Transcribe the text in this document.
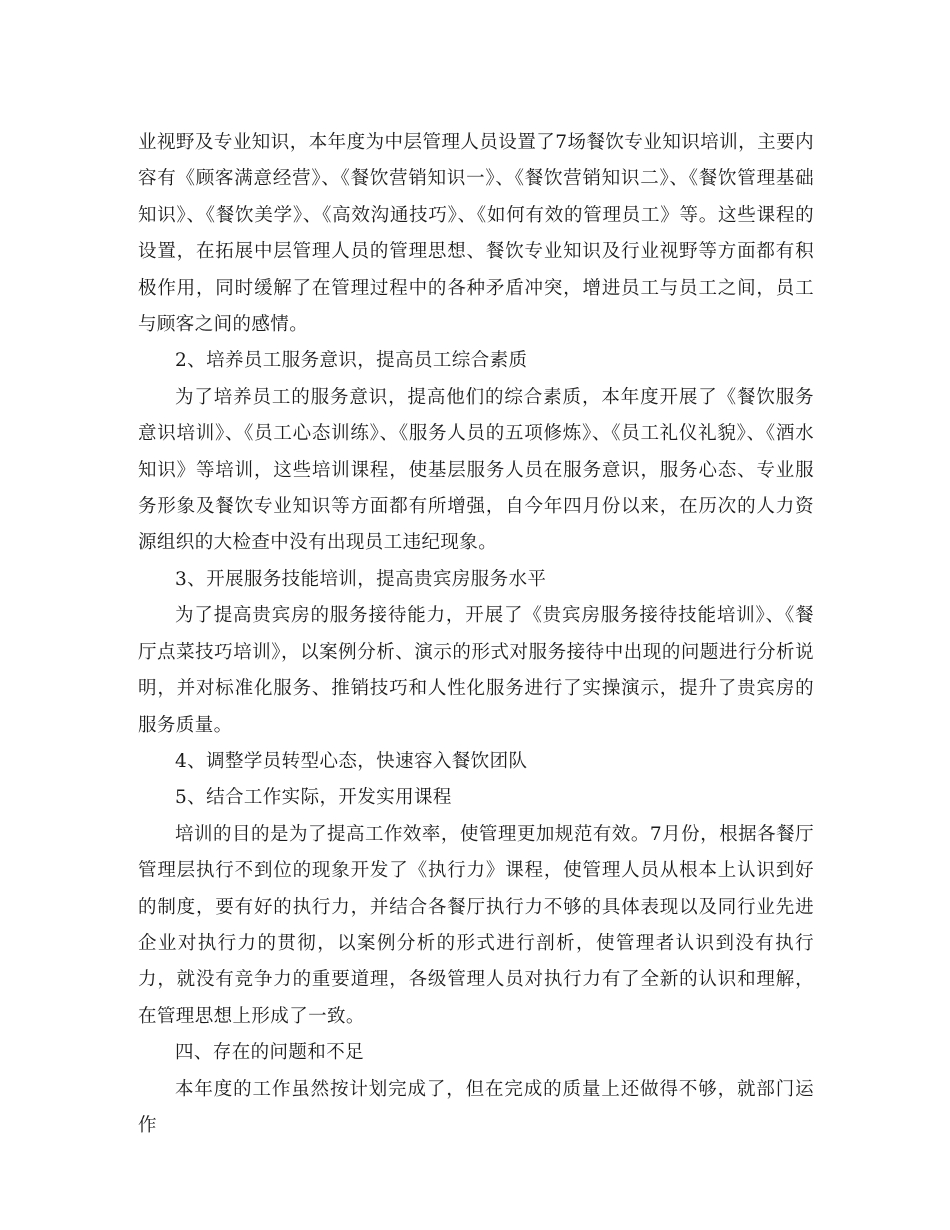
业视野及专业知识，本年度为中层管理人员设置了7场餐饮专业知识培训，主要内容有《顾客满意经营》、《餐饮营销知识一》、《餐饮营销知识二》、《餐饮管理基础知识》、《餐饮美学》、《高效沟通技巧》、《如何有效的管理员工》等。这些课程的设置，在拓展中层管理人员的管理思想、餐饮专业知识及行业视野等方面都有积极作用，同时缓解了在管理过程中的各种矛盾冲突，增进员工与员工之间，员工与顾客之间的感情。

2、培养员工服务意识，提高员工综合素质

为了培养员工的服务意识，提高他们的综合素质，本年度开展了《餐饮服务意识培训》、《员工心态训练》、《服务人员的五项修炼》、《员工礼仪礼貌》、《酒水知识》等培训，这些培训课程，使基层服务人员在服务意识，服务心态、专业服务形象及餐饮专业知识等方面都有所增强，自今年四月份以来，在历次的人力资源组织的大检查中没有出现员工违纪现象。

3、开展服务技能培训，提高贵宾房服务水平

为了提高贵宾房的服务接待能力，开展了《贵宾房服务接待技能培训》、《餐厅点菜技巧培训》，以案例分析、演示的形式对服务接待中出现的问题进行分析说明，并对标准化服务、推销技巧和人性化服务进行了实操演示，提升了贵宾房的服务质量。

4、调整学员转型心态，快速容入餐饮团队

5、结合工作实际，开发实用课程

培训的目的是为了提高工作效率，使管理更加规范有效。7月份，根据各餐厅管理层执行不到位的现象开发了《执行力》课程，使管理人员从根本上认识到好的制度，要有好的执行力，并结合各餐厅执行力不够的具体表现以及同行业先进企业对执行力的贯彻，以案例分析的形式进行剖析，使管理者认识到没有执行力，就没有竞争力的重要道理，各级管理人员对执行力有了全新的认识和理解，在管理思想上形成了一致。

四、存在的问题和不足

本年度的工作虽然按计划完成了，但在完成的质量上还做得不够，就部门运作
